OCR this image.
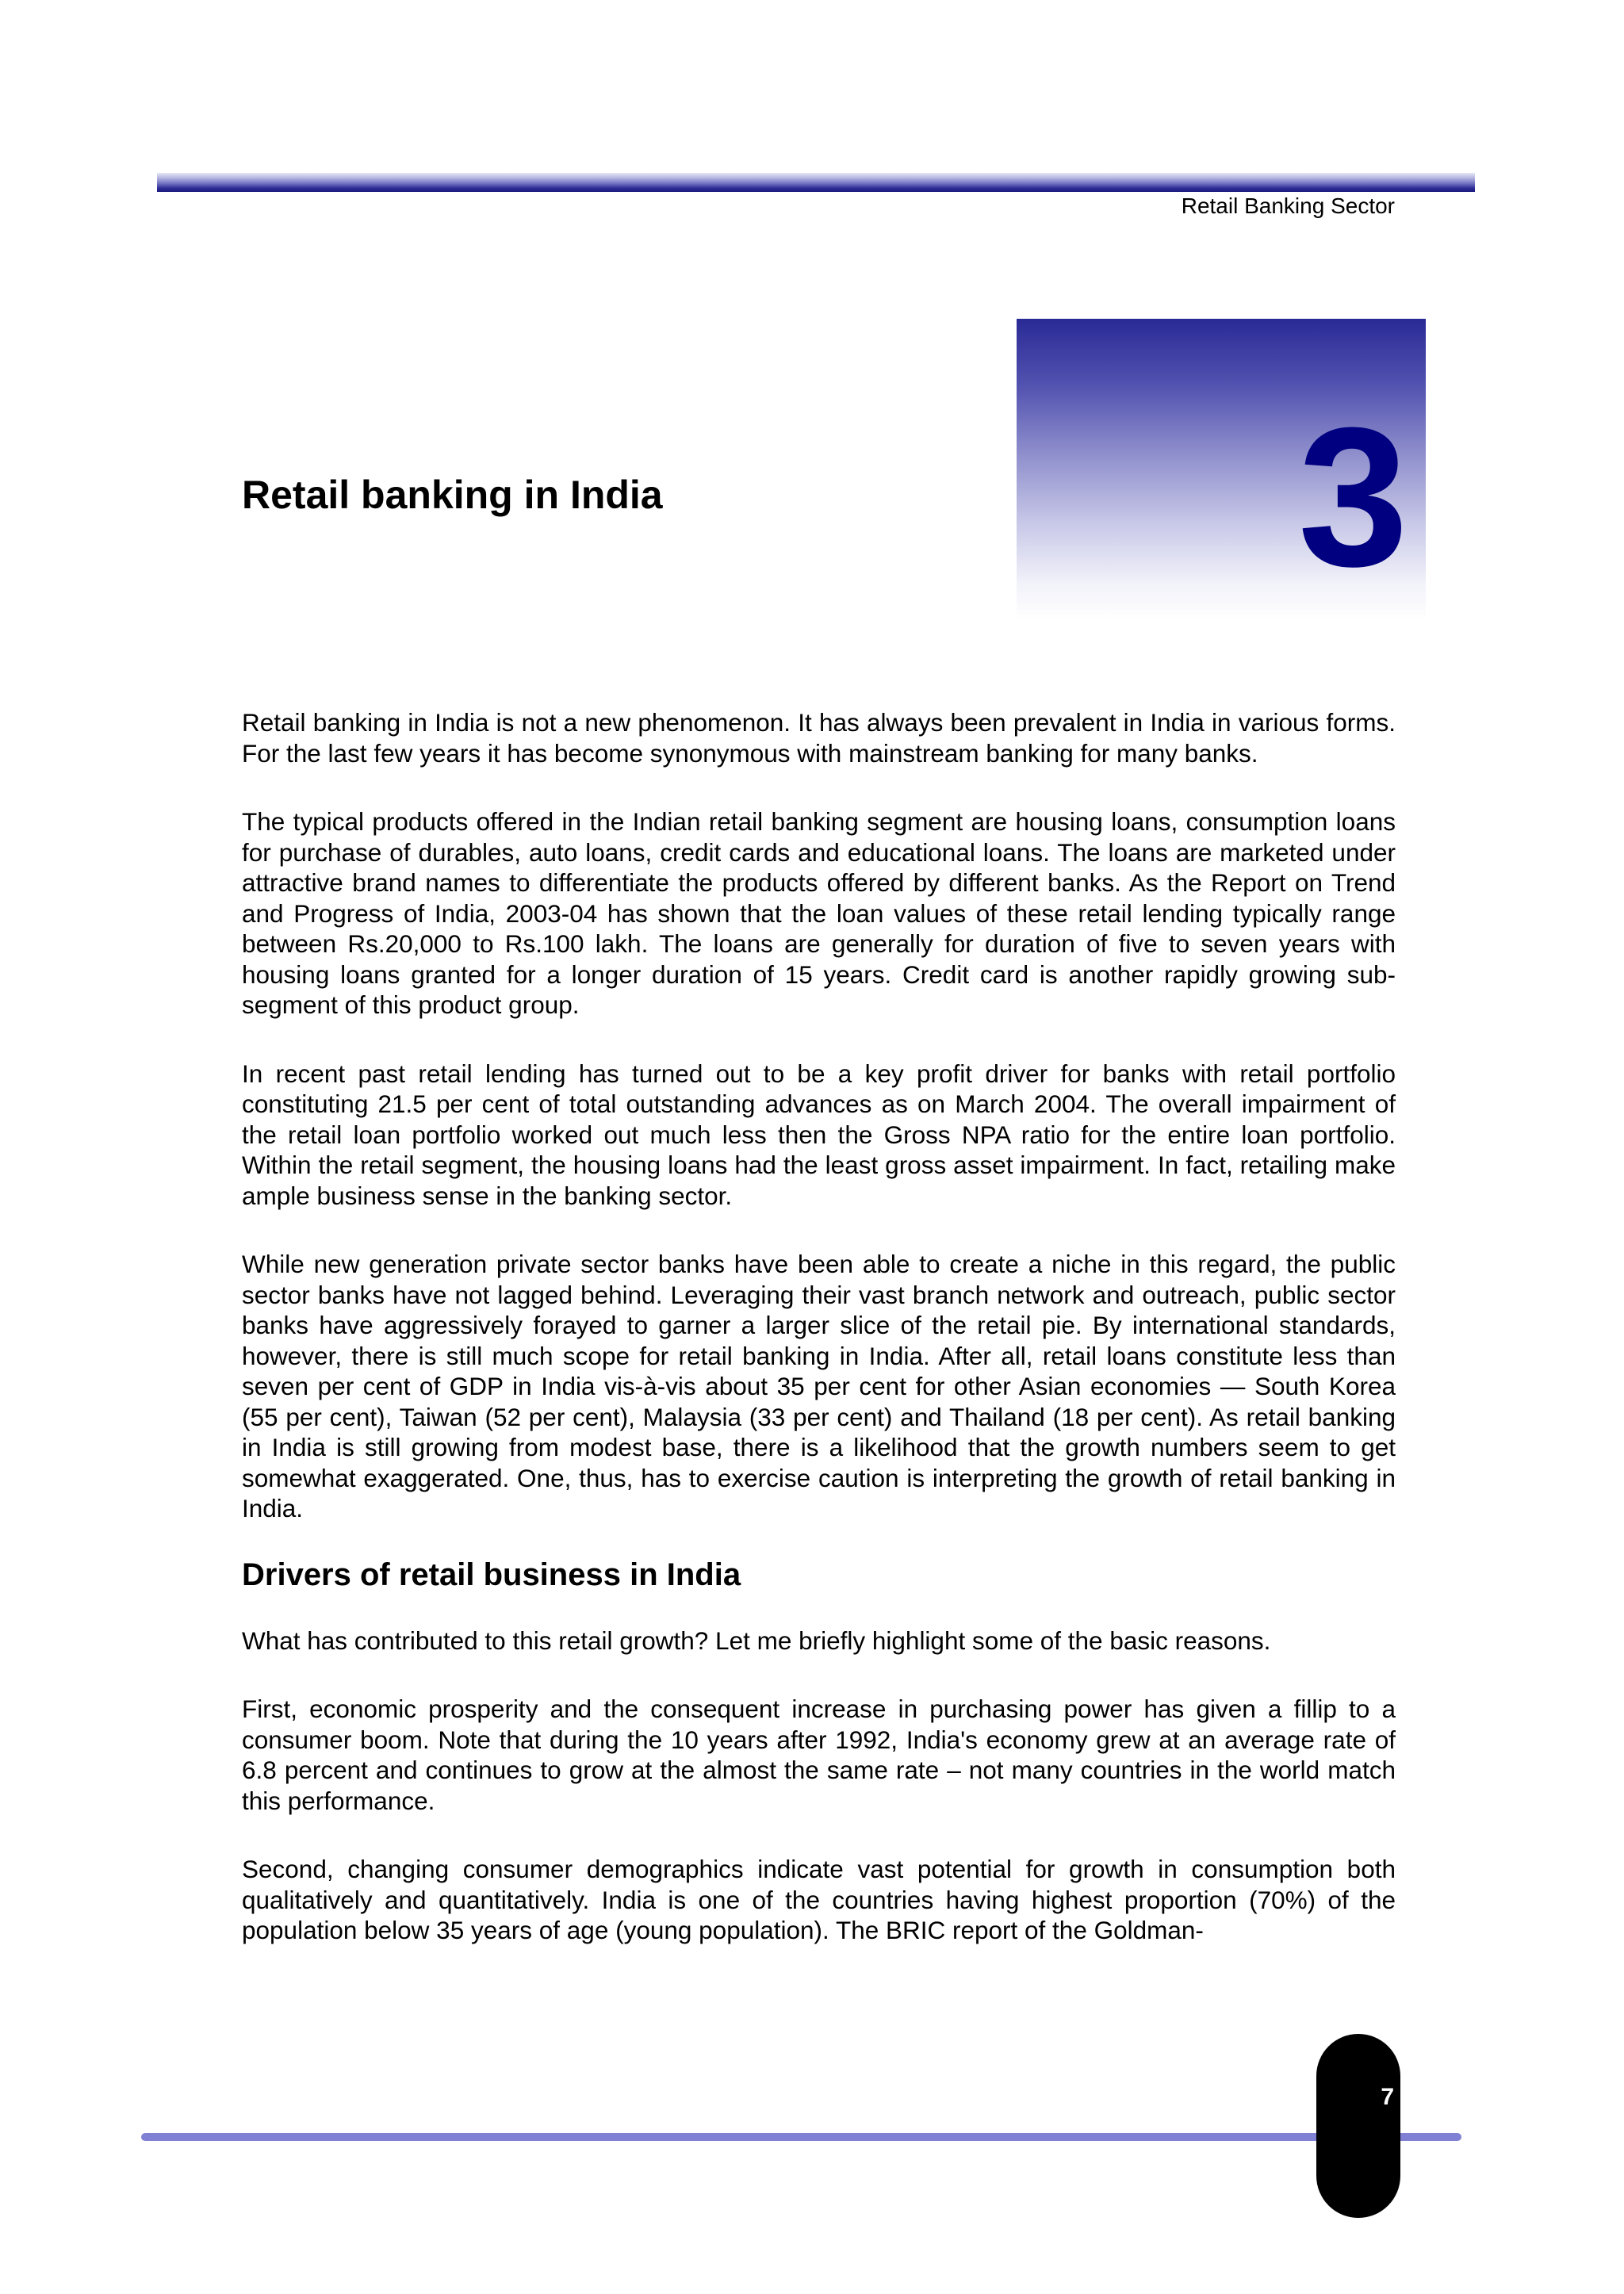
Retail Banking Sector
3
Retail banking in India

Retail banking in India is not a new phenomenon. It has always been prevalent in India in various forms. For the last few years it has become synonymous with mainstream banking for many banks.

The typical products offered in the Indian retail banking segment are housing loans, consumption loans for purchase of durables, auto loans, credit cards and educational loans. The loans are marketed under attractive brand names to differentiate the products offered by different banks. As the Report on Trend and Progress of India, 2003-04 has shown that the loan values of these retail lending typically range between Rs.20,000 to Rs.100 lakh. The loans are generally for duration of five to seven years with housing loans granted for a longer duration of 15 years. Credit card is another rapidly growing sub-segment of this product group.

In recent past retail lending has turned out to be a key profit driver for banks with retail portfolio constituting 21.5 per cent of total outstanding advances as on March 2004. The overall impairment of the retail loan portfolio worked out much less then the Gross NPA ratio for the entire loan portfolio. Within the retail segment, the housing loans had the least gross asset impairment. In fact, retailing make ample business sense in the banking sector.

While new generation private sector banks have been able to create a niche in this regard, the public sector banks have not lagged behind. Leveraging their vast branch network and outreach, public sector banks have aggressively forayed to garner a larger slice of the retail pie. By international standards, however, there is still much scope for retail banking in India. After all, retail loans constitute less than seven per cent of GDP in India vis-à-vis about 35 per cent for other Asian economies — South Korea (55 per cent), Taiwan (52 per cent), Malaysia (33 per cent) and Thailand (18 per cent). As retail banking in India is still growing from modest base, there is a likelihood that the growth numbers seem to get somewhat exaggerated. One, thus, has to exercise caution is interpreting the growth of retail banking in India.

Drivers of retail business in India

What has contributed to this retail growth? Let me briefly highlight some of the basic reasons.

First, economic prosperity and the consequent increase in purchasing power has given a fillip to a consumer boom. Note that during the 10 years after 1992, India's economy grew at an average rate of 6.8 percent and continues to grow at the almost the same rate – not many countries in the world match this performance.

Second, changing consumer demographics indicate vast potential for growth in consumption both qualitatively and quantitatively. India is one of the countries having highest proportion (70%) of the population below 35 years of age (young population). The BRIC report of the Goldman-

7
